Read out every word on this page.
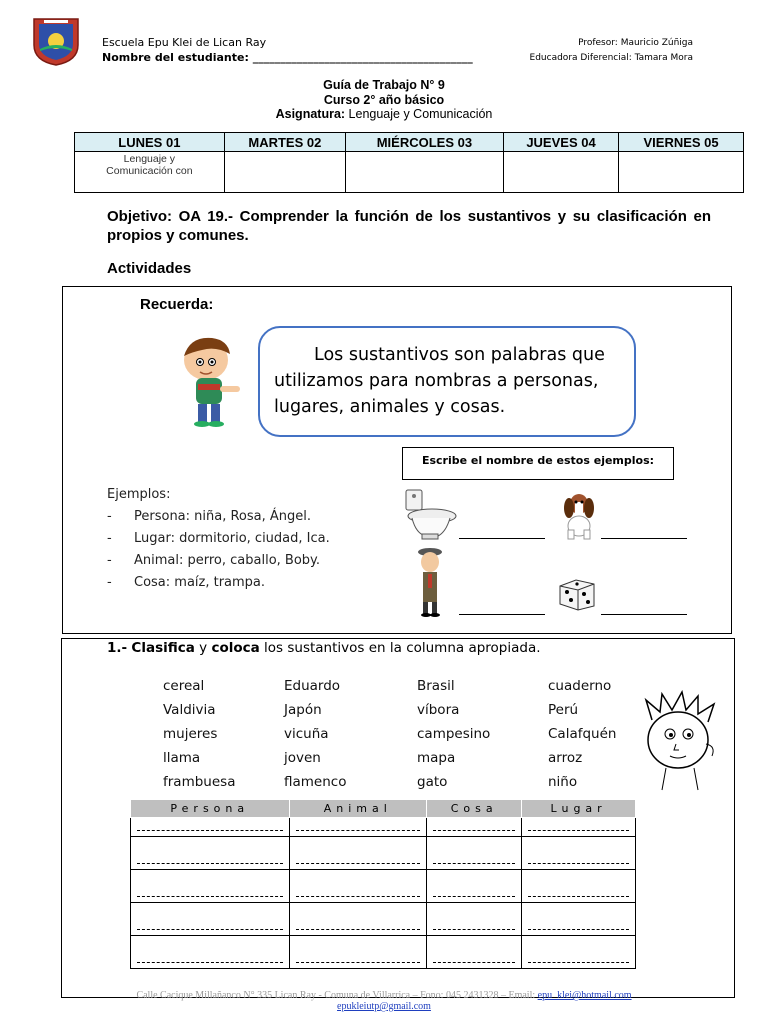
Escuela Epu Klei de Lican Ray
Nombre del estudiante: ________________________________________
Profesor: Mauricio Zúñiga
Educadora Diferencial: Tamara Mora
Guía de Trabajo N° 9
Curso 2° año básico
Asignatura: Lenguaje y Comunicación
LUNES 01	MARTES 02	MIÉRCOLES 03	JUEVES 04	VIERNES 05
Lenguaje y
Comunicación con				
Objetivo: OA 19.- Comprender la función de los sustantivos y su clasificación en propios y comunes.
Actividades
Recuerda:
Los sustantivos son palabras que utilizamos para nombras a personas, lugares, animales y cosas.
Escribe el nombre de estos ejemplos:
Ejemplos:
- Persona: niña, Rosa, Ángel.
- Lugar: dormitorio, ciudad, Ica.
- Animal: perro, caballo, Boby.
- Cosa: maíz, trampa.
1.- Clasifica y coloca los sustantivos en la columna apropiada.
cereal	Eduardo	Brasil	cuaderno
Valdivia	Japón	víbora	Perú
mujeres	vicuña	campesino	Calafquén
llama	joven	mapa	arroz
frambuesa	flamenco	gato	niño
Persona	Animal	Cosa	Lugar

Calle Cacique Millañanco N° 335 Lican Ray - Comuna de Villarrica – Fono: 045 2431328 – Email: epu_klei@hotmail.com
epukleiutp@gmail.com
